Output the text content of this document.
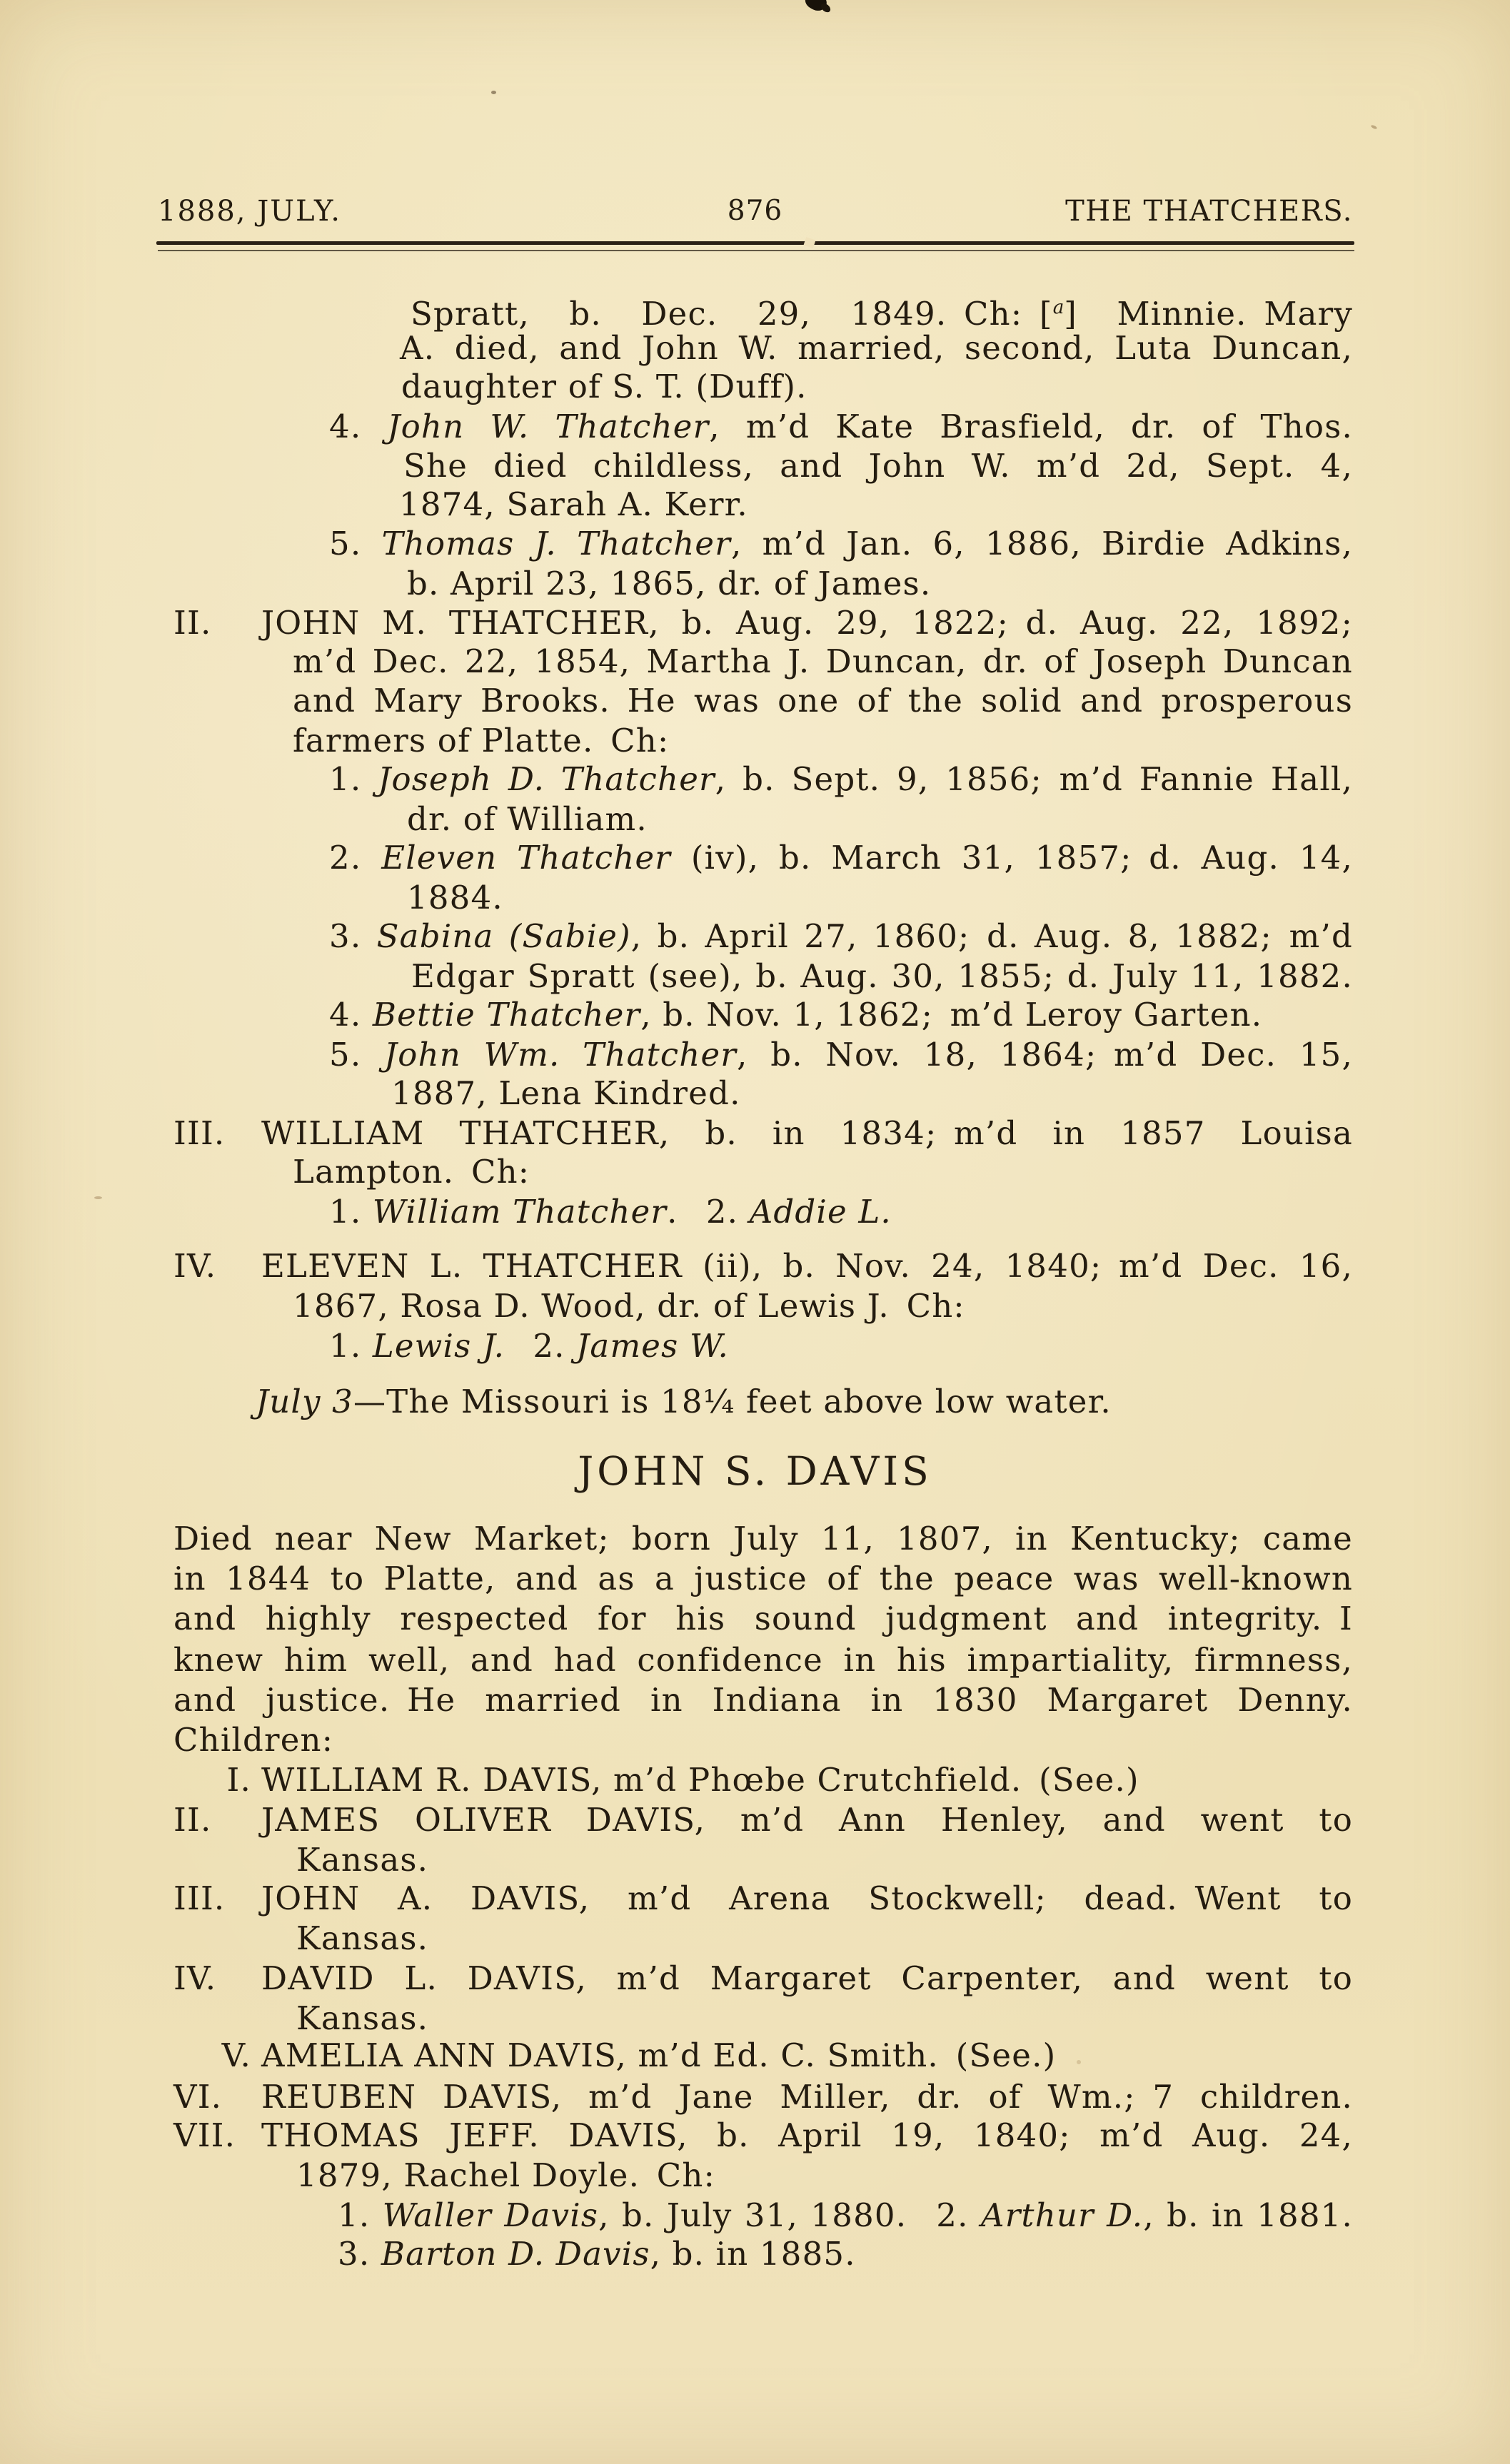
1888, JULY.	876	THE THATCHERS.
Spratt, b. Dec. 29, 1849. Ch: [$^a$] Minnie. Mary
A. died, and John W. married, second, Luta Duncan,
daughter of S. T. (Duff).
4. John W. Thatcher, m’d Kate Brasfield, dr. of Thos.
She died childless, and John W. m’d 2d, Sept. 4,
1874, Sarah A. Kerr.
5. Thomas J. Thatcher, m’d Jan. 6, 1886, Birdie Adkins,
b. April 23, 1865, dr. of James.
II.	JOHN M. THATCHER, b. Aug. 29, 1822; d. Aug. 22, 1892;
m’d Dec. 22, 1854, Martha J. Duncan, dr. of Joseph Duncan
and Mary Brooks. He was one of the solid and prosperous
farmers of Platte. Ch:
1. Joseph D. Thatcher, b. Sept. 9, 1856; m’d Fannie Hall,
dr. of William.
2. Eleven Thatcher (iv), b. March 31, 1857; d. Aug. 14,
1884.
3. Sabina (Sabie), b. April 27, 1860; d. Aug. 8, 1882; m’d
Edgar Spratt (see), b. Aug. 30, 1855; d. July 11, 1882.
4. Bettie Thatcher, b. Nov. 1, 1862; m’d Leroy Garten.
5. John Wm. Thatcher, b. Nov. 18, 1864; m’d Dec. 15,
1887, Lena Kindred.
III.	WILLIAM THATCHER, b. in 1834; m’d in 1857 Louisa
Lampton. Ch:
1. William Thatcher.  2. Addie L.
IV.	ELEVEN L. THATCHER (ii), b. Nov. 24, 1840; m’d Dec. 16,
1867, Rosa D. Wood, dr. of Lewis J. Ch:
1. Lewis J.  2. James W.
July 3—The Missouri is 18¼ feet above low water.
Died near New Market; born July 11, 1807, in Kentucky; came
in 1844 to Platte, and as a justice of the peace was well-known
and highly respected for his sound judgment and integrity. I
knew him well, and had confidence in his impartiality, firmness,
and justice. He married in Indiana in 1830 Margaret Denny.
Children:
I. WILLIAM R. DAVIS, m’d Phœbe Crutchfield. (See.)
II.	JAMES OLIVER DAVIS, m’d Ann Henley, and went to
Kansas.
III.	JOHN A. DAVIS, m’d Arena Stockwell; dead. Went to
Kansas.
IV.	DAVID L. DAVIS, m’d Margaret Carpenter, and went to
Kansas.
V. AMELIA ANN DAVIS, m’d Ed. C. Smith. (See.)
VI.	REUBEN DAVIS, m’d Jane Miller, dr. of Wm.; 7 children.
VII. THOMAS JEFF. DAVIS, b. April 19, 1840; m’d Aug. 24,
1879, Rachel Doyle. Ch:
1. Waller Davis, b. July 31, 1880.  2. Arthur D., b. in 1881.
3. Barton D. Davis, b. in 1885.
JOHN S. DAVIS
